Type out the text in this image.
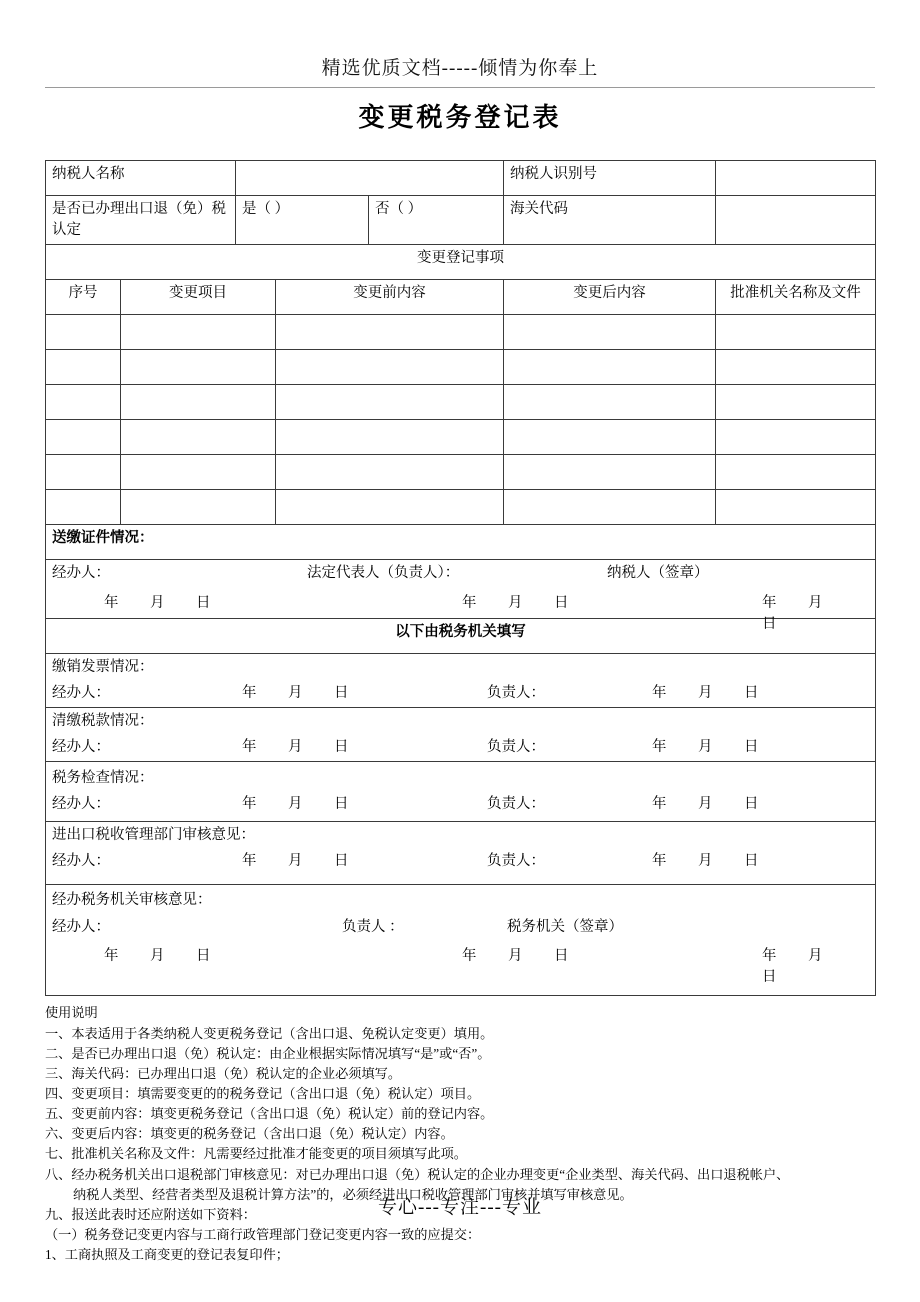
精选优质文档-----倾情为你奉上
变更税务登记表
纳税人名称					纳税人识别号	
是否已办理出口退（免）税认定		是（ ）		否（ ）	海关代码	
变更登记事项						
序号	变更项目		变更前内容		变更后内容	批准机关名称及文件

送缴证件情况：						

经办人：	法定代表人（负责人）：	纳税人（签章）
年 月 日	年 月 日	年 月日

以下由税务机关填写						

缴销发票情况：
经办人： 年 月 日 负责人： 年 月 日						

清缴税款情况：
经办人： 年 月 日 负责人： 年 月 日						

税务检查情况：
经办人： 年 月 日 负责人： 年 月 日						

进出口税收管理部门审核意见：
经办人： 年 月 日 负责人： 年 月 日						

经办税务机关审核意见：
经办人：	负责人 ：	税务机关（签章）
年 月 日	年 月 日	年 月日

使用说明

一、本表适用于各类纳税人变更税务登记（含出口退、免税认定变更）填用。

二、是否已办理出口退（免）税认定：由企业根据实际情况填写“是”或“否”。

三、海关代码：已办理出口退（免）税认定的企业必须填写。

四、变更项目：填需要变更的的税务登记（含出口退（免）税认定）项目。

五、变更前内容：填变更税务登记（含出口退（免）税认定）前的登记内容。

六、变更后内容：填变更的税务登记（含出口退（免）税认定）内容。

七、批准机关名称及文件：凡需要经过批准才能变更的项目须填写此项。

八、经办税务机关出口退税部门审核意见：对已办理出口退（免）税认定的企业办理变更“企业类型、海关代码、出口退税帐户、

纳税人类型、经营者类型及退税计算方法”的，必须经进出口税收管理部门审核并填写审核意见。

九、报送此表时还应附送如下资料：

（一）税务登记变更内容与工商行政管理部门登记变更内容一致的应提交：

1、工商执照及工商变更的登记表复印件；

专心---专注---专业
